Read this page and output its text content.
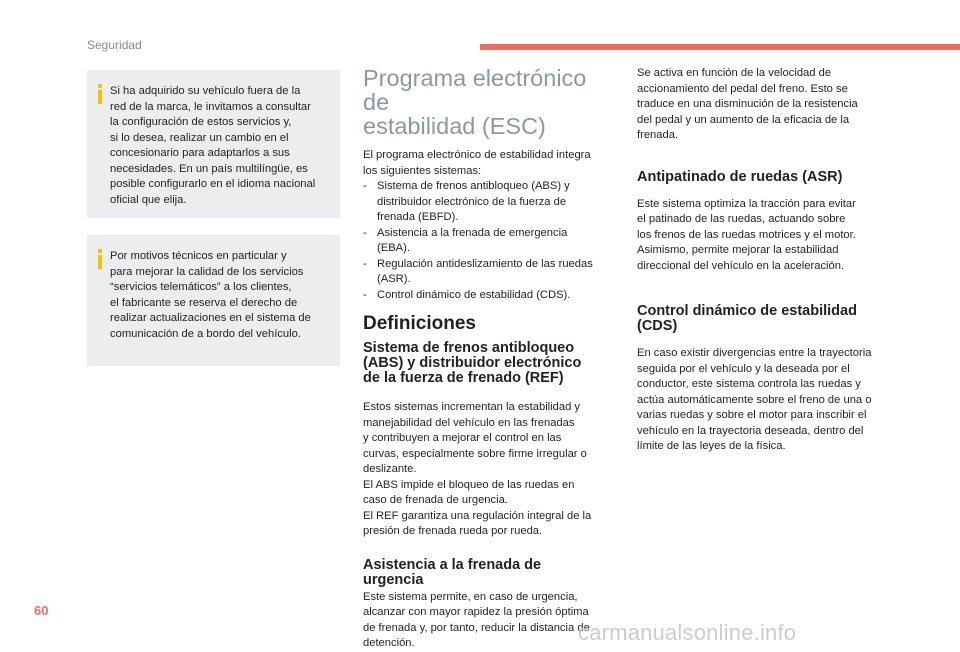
Seguridad

Si ha adquirido su vehículo fuera de la

red de la marca, le invitamos a consultar

la configuración de estos servicios y,

si lo desea, realizar un cambio en el

concesionario para adaptarlos a sus

necesidades. En un país multilíngüe, es

posible configurarlo en el idioma nacional

oficial que elija.

Por motivos técnicos en particular y

para mejorar la calidad de los servicios

“servicios telemáticos” a los clientes,

el fabricante se reserva el derecho de

realizar actualizaciones en el sistema de

comunicación de a bordo del vehículo.

Programa electrónico de
estabilidad (ESC)

El programa electrónico de estabilidad integra

los siguientes sistemas:

- Sistema de frenos antibloqueo (ABS) y
distribuidor electrónico de la fuerza de
frenada (EBFD).
- Asistencia a la frenada de emergencia
(EBA).
- Regulación antideslizamiento de las ruedas
(ASR).
- Control dinámico de estabilidad (CDS).
Definiciones
Sistema de frenos antibloqueo
(ABS) y distribuidor electrónico
de la fuerza de frenado (REF)

Estos sistemas incrementan la estabilidad y

manejabilidad del vehículo en las frenadas

y contribuyen a mejorar el control en las

curvas, especialmente sobre firme irregular o

deslizante.

El ABS impide el bloqueo de las ruedas en

caso de frenada de urgencia.

El REF garantiza una regulación integral de la

presión de frenada rueda por rueda.

Asistencia a la frenada de
urgencia

Este sistema permite, en caso de urgencia,

alcanzar con mayor rapidez la presión óptima

de frenada y, por tanto, reducir la distancia de

detención.

Se activa en función de la velocidad de

accionamiento del pedal del freno. Esto se

traduce en una disminución de la resistencia

del pedal y un aumento de la eficacia de la

frenada.

Antipatinado de ruedas (ASR)

Este sistema optimiza la tracción para evitar

el patinado de las ruedas, actuando sobre

los frenos de las ruedas motrices y el motor.

Asimismo, permite mejorar la estabilidad

direccional del vehículo en la aceleración.

Control dinámico de estabilidad
(CDS)

En caso existir divergencias entre la trayectoria

seguida por el vehículo y la deseada por el

conductor, este sistema controla las ruedas y

actúa automáticamente sobre el freno de una o

varias ruedas y sobre el motor para inscribir el

vehículo en la trayectoria deseada, dentro del

límite de las leyes de la física.

60
carmanualsonline.info
